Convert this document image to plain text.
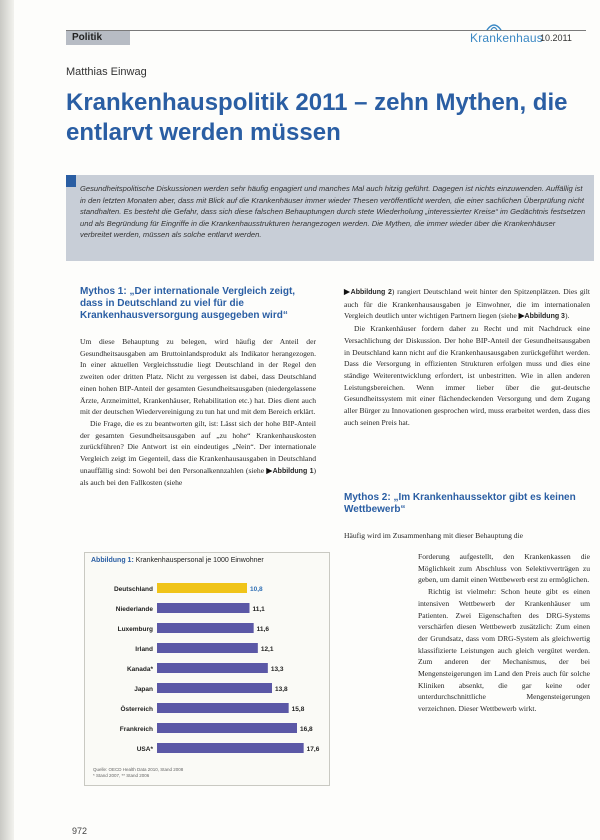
Politik	Krankenhaus
10.2011
Matthias Einwag
Krankenhauspolitik 2011 – zehn Mythen, die entlarvt werden müssen

Gesundheitspolitische Diskussionen werden sehr häufig engagiert und manches Mal auch hitzig geführt. Dagegen ist nichts einzuwenden. Auffällig ist in den letzten Monaten aber, dass mit Blick auf die Krankenhäuser immer wieder Thesen veröffentlicht werden, die einer sachlichen Überprüfung nicht standhalten. Es besteht die Gefahr, dass sich diese falschen Behauptungen durch stete Wiederholung „interessierter Kreise“ im Gedächtnis festsetzen und als Begründung für Eingriffe in die Krankenhausstrukturen herangezogen werden. Die Mythen, die immer wieder über die Krankenhäuser verbreitet werden, müssen als solche entlarvt werden.

Mythos 1: „Der internationale Vergleich zeigt, dass in Deutschland zu viel für die Krankenhausversorgung ausgegeben wird“

Um diese Behauptung zu belegen, wird häufig der Anteil der Gesundheitsausgaben am Bruttoinlandsprodukt als Indikator herangezogen. In einer aktuellen Vergleichsstudie liegt Deutschland in der Regel den zweiten oder dritten Platz. Nicht zu vergessen ist dabei, dass Deutschland einen hohen BIP-Anteil der gesamten Gesundheitsausgaben (niedergelassene Ärzte, Arzneimittel, Krankenhäuser, Rehabilitation etc.) hat. Dies dient auch mit der deutschen Wiedervereinigung zu tun hat und mit dem Bereich erklärt.

Die Frage, die es zu beantworten gilt, ist: Lässt sich der hohe BIP-Anteil der gesamten Gesundheitsausgaben auf „zu hohe“ Krankenhauskosten zurückführen? Die Antwort ist ein eindeutiges „Nein“. Der internationale Vergleich zeigt im Gegenteil, dass die Krankenhausausgaben in Deutschland unauffällig sind: Sowohl bei den Personalkennzahlen (siehe ▶Abbildung 1) als auch bei den Fallkosten (siehe

▶Abbildung 2) rangiert Deutschland weit hinter den Spitzenplätzen. Dies gilt auch für die Krankenhausausgaben je Einwohner, die im internationalen Vergleich deutlich unter wichtigen Partnern liegen (siehe ▶Abbildung 3).

Die Krankenhäuser fordern daher zu Recht und mit Nachdruck eine Versachlichung der Diskussion. Der hohe BIP-Anteil der Gesundheitsausgaben in Deutschland kann nicht auf die Krankenhausausgaben zurückgeführt werden. Dass die Versorgung in effizienten Strukturen erfolgen muss und dies eine ständige Weiterentwicklung erfordert, ist unbestritten. Wie in allen anderen Leistungsbereichen. Wenn immer lieber über die gut-deutsche Gesundheitssystem mit einer flächendeckenden Versorgung und dem Zugang aller Bürger zu Innovationen gesprochen wird, muss erarbeitet werden, dass dies auch seinen Preis hat.

Mythos 2: „Im Krankenhaussektor gibt es keinen Wettbewerb“

Häufig wird im Zusammenhang mit dieser Behauptung die

Forderung aufgestellt, den Krankenkassen die Möglichkeit zum Abschluss von Selektivverträgen zu geben, um damit einen Wettbewerb erst zu ermöglichen.

Richtig ist vielmehr: Schon heute gibt es einen intensiven Wettbewerb der Krankenhäuser um Patienten. Zwei Eigenschaften des DRG-Systems verschärfen diesen Wettbewerb zusätzlich: Zum einen der Grundsatz, dass vom DRG-System als gleichwertig klassifizierte Leistungen auch gleich vergütet werden. Zum anderen der Mechanismus, der bei Mengensteigerungen im Land den Preis auch für solche Kliniken absenkt, die gar keine oder unterdurchschnittliche Mengensteigerungen verzeichnen. Dieser Wettbewerb wirkt.

Abbildung 1: Krankenhauspersonal je 1000 Einwohner
Deutschland	10,8
Niederlande	11,1
Luxemburg	11,6
Irland	12,1
Kanada*	13,3
Japan	13,8
Österreich	15,8
Frankreich	16,8
USA*	17,6
Quelle: OECD Health Data 2010, Stand 2008
* Stand 2007, ** Stand 2006
972
